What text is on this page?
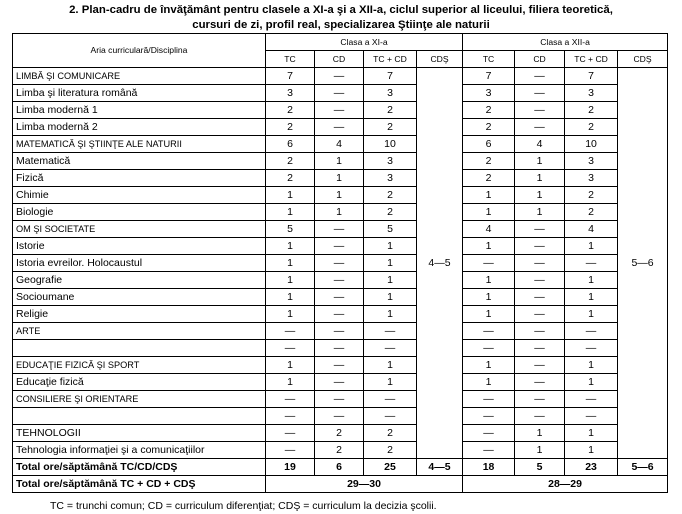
2. Plan-cadru de învăţământ pentru clasele a XI-a şi a XII-a, ciclul superior al liceului, filiera teoretică,
cursuri de zi, profil real, specializarea Ştiinţe ale naturii
Aria curriculară/Disciplina	Clasa a XI-a				Clasa a XII-a			
	TC	CD	TC + CD	CDŞ	TC	CD	TC + CD	CDŞ
LIMBĂ ŞI COMUNICARE	7	—	7	4—5	7	—	7	5—6
Limba şi literatura română	3	—	3		3	—	3	
Limba modernă 1	2	—	2		2	—	2	
Limba modernă 2	2	—	2		2	—	2	
MATEMATICĂ ŞI ŞTIINŢE ALE NATURII	6	4	10		6	4	10	
Matematică	2	1	3		2	1	3	
Fizică	2	1	3		2	1	3	
Chimie	1	1	2		1	1	2	
Biologie	1	1	2		1	1	2	
OM ŞI SOCIETATE	5	—	5		4	—	4	
Istorie	1	—	1		1	—	1	
Istoria evreilor. Holocaustul	1	—	1		—	—	—	
Geografie	1	—	1		1	—	1	
Socioumane	1	—	1		1	—	1	
Religie	1	—	1		1	—	1	
ARTE	—	—	—		—	—	—	
	—	—	—		—	—	—	
EDUCAŢIE FIZICĂ ŞI SPORT	1	—	1		1	—	1	
Educaţie fizică	1	—	1		1	—	1	
CONSILIERE ŞI ORIENTARE	—	—	—		—	—	—	
	—	—	—		—	—	—	
TEHNOLOGII	—	2	2		—	1	1	
Tehnologia informaţiei şi a comunicaţiilor	—	2	2		—	1	1	
Total ore/săptămână TC/CD/CDŞ	19	6	25	4—5	18	5	23	5—6
Total ore/săptămână TC + CD + CDŞ	29—30				28—29			
TC = trunchi comun; CD = curriculum diferenţiat; CDŞ = curriculum la decizia şcolii.
